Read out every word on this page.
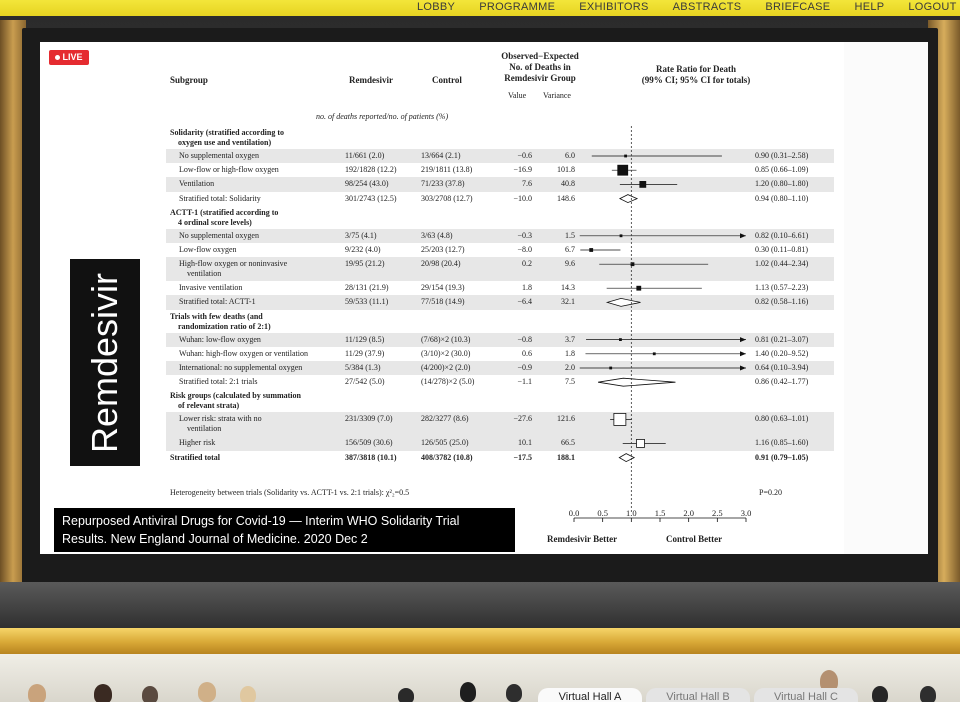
LOBBY	PROGRAMME	EXHIBITORS	ABSTRACTS	BRIEFCASE	HELP	LOGOUT
Virtual Hall A	Virtual Hall B	Virtual Hall C
Subgroup	Remdesivir	Control
Observed−Expected
No. of Deaths in
Remdesivir Group
Value Variance
Rate Ratio for Death
(99% CI; 95% CI for totals)
no. of deaths reported/no. of patients (%)
Solidarity (stratified according to
oxygen use and ventilation)
No supplemental oxygen	11/661 (2.0)	13/664 (2.1)	−0.6	6.0	0.90 (0.31–2.58)
Low-flow or high-flow oxygen	192/1828 (12.2)	219/1811 (13.8)	−16.9	101.8	0.85 (0.66–1.09)
Ventilation	98/254 (43.0)	71/233 (37.8)	7.6	40.8	1.20 (0.80–1.80)
Stratified total: Solidarity	301/2743 (12.5)	303/2708 (12.7)	−10.0	148.6	0.94 (0.80–1.10)
ACTT-1 (stratified according to
4 ordinal score levels)
No supplemental oxygen	3/75 (4.1)	3/63 (4.8)	−0.3	1.5	0.82 (0.10–6.61)
Low-flow oxygen	9/232 (4.0)	25/203 (12.7)	−8.0	6.7	0.30 (0.11–0.81)
High-flow oxygen or noninvasive
ventilation
19/95 (21.2)	20/98 (20.4)	0.2	9.6	1.02 (0.44–2.34)
Invasive ventilation	28/131 (21.9)	29/154 (19.3)	1.8	14.3	1.13 (0.57–2.23)
Stratified total: ACTT-1	59/533 (11.1)	77/518 (14.9)	−6.4	32.1	0.82 (0.58–1.16)
Trials with few deaths (and
randomization ratio of 2:1)
Wuhan: low-flow oxygen	11/129 (8.5)	(7/68)×2 (10.3)	−0.8	3.7	0.81 (0.21–3.07)
Wuhan: high-flow oxygen or ventilation	11/29 (37.9)	(3/10)×2 (30.0)	0.6	1.8	1.40 (0.20–9.52)
International: no supplemental oxygen	5/384 (1.3)	(4/200)×2 (2.0)	−0.9	2.0	0.64 (0.10–3.94)
Stratified total: 2:1 trials	27/542 (5.0)	(14/278)×2 (5.0)	−1.1	7.5	0.86 (0.42–1.77)
Risk groups (calculated by summation
of relevant strata)
Lower risk: strata with no
ventilation
231/3309 (7.0)	282/3277 (8.6)	−27.6	121.6	0.80 (0.63–1.01)
Higher risk	156/509 (30.6)	126/505 (25.0)	10.1	66.5	1.16 (0.85–1.60)
Stratified total	387/3818 (10.1)	408/3782 (10.8)	−17.5	188.1	0.91 (0.79–1.05)
Heterogeneity between trials (Solidarity vs. ACTT-1 vs. 2:1 trials): χ²₂=0.5	P=0.20
0.0 0.5 1.0 1.5 2.0 2.5 3.0
Remdesivir Better	Control Better
LIVE
Remdesivir
Repurposed Antiviral Drugs for Covid-19 — Interim WHO Solidarity Trial
Results. New England Journal of Medicine. 2020 Dec 2
